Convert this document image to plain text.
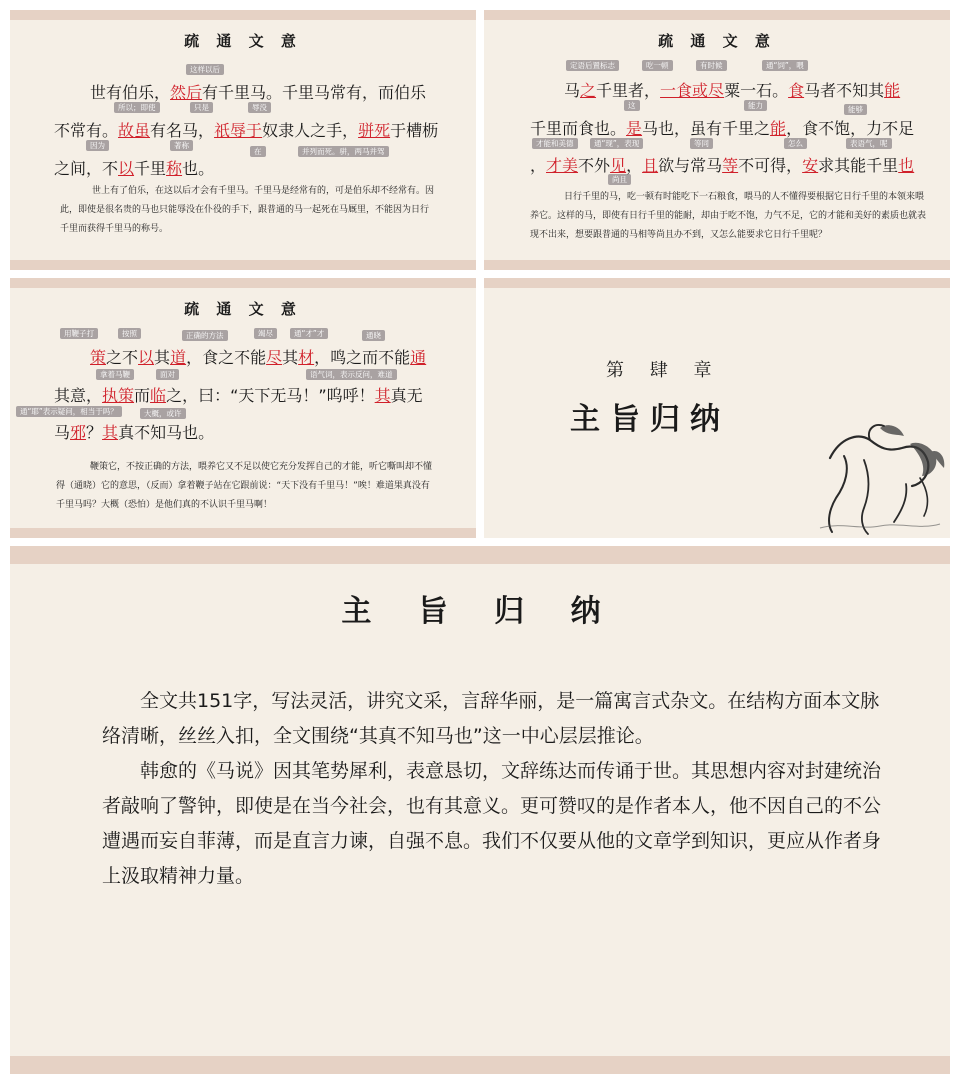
疏 通 文 意
这样以后
所以；即使	只是	辱没
因为	著称
在	并列而死。骈，两马并驾
世有伯乐，然后有千里马。千里马常有，而伯乐
不常有。故虽有名马，祇辱于奴隶人之手，骈死于槽枥
之间，不以千里称也。
世上有了伯乐，在这以后才会有千里马。千里马是经常有的，可是伯乐却不经常有。因此，即使是很名贵的马也只能辱没在仆役的手下，跟普通的马一起死在马厩里，不能因为日行千里而获得千里马的称号。
疏 通 文 意
定语后置标志	吃一顿	有时候	通“饲”，喂
这	能力	能够
才能和美德	通“现”，表现	等同	怎么	表语气，呢
尚且
马之千里者，一食或尽粟一石。食马者不知其能
千里而食也。是马也，虽有千里之能，食不饱，力不足
，才美不外见，且欲与常马等不可得，安求其能千里也
日行千里的马，吃一顿有时能吃下一石粮食，喂马的人不懂得要根据它日行千里的本领来喂养它。这样的马，即使有日行千里的能耐，却由于吃不饱，力气不足，它的才能和美好的素质也就表现不出来，想要跟普通的马相等尚且办不到，又怎么能要求它日行千里呢？
疏 通 文 意
用鞭子打	按照	正确的方法	竭尽	通“才”才	通晓
拿着马鞭	面对	语气词，表示反问，难道
通“耶”表示疑问，相当于吗？	大概，或许
策之不以其道，食之不能尽其材，鸣之而不能通
其意，执策而临之，曰：“天下无马！”呜呼！其真无
马邪？其真不知马也。
鞭策它，不按正确的方法，喂养它又不足以使它充分发挥自己的才能，听它嘶叫却不懂得（通晓）它的意思，（反而）拿着鞭子站在它跟前说：“天下没有千里马！”唉！难道果真没有千里马吗？大概（恐怕）是他们真的不认识千里马啊！
第 肆 章
主旨归纳
主 旨 归 纳

全文共151字，写法灵活，讲究文采，言辞华丽，是一篇寓言式杂文。在结构方面本文脉络清晰，丝丝入扣，全文围绕“其真不知马也”这一中心层层推论。

韩愈的《马说》因其笔势犀利，表意恳切，文辞练达而传诵于世。其思想内容对封建统治者敲响了警钟，即使是在当今社会，也有其意义。更可赞叹的是作者本人，他不因自己的不公遭遇而妄自菲薄，而是直言力谏，自强不息。我们不仅要从他的文章学到知识，更应从作者身上汲取精神力量。
